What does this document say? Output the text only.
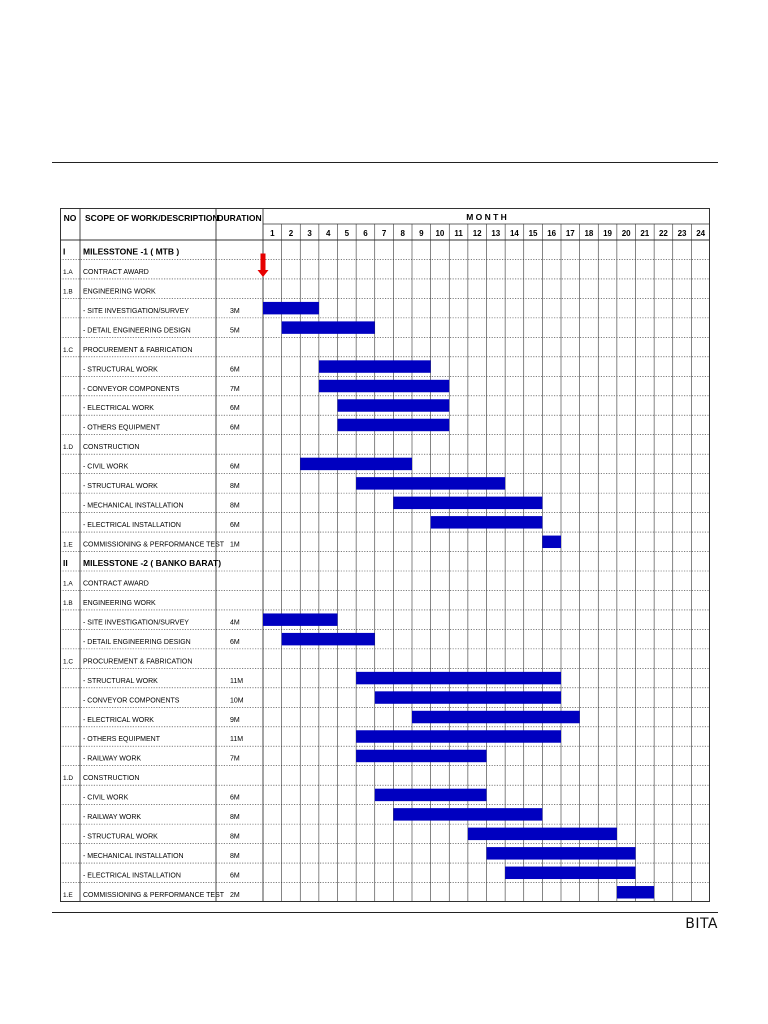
NO SCOPE OF WORK/DESCRIPTION
DURATION	M O N T H
1 2 3 4 5 6 7 8 9 10 11 12 13 14 15 16 17 18 19 20 21 22 23 24
I MILESSTONE -1 ( MTB )
1.A CONTRACT AWARD
1.B ENGINEERING WORK
- SITE INVESTIGATION/SURVEY	3M
- DETAIL ENGINEERING DESIGN	5M
1.C PROCUREMENT & FABRICATION
- STRUCTURAL WORK	6M
- CONVEYOR COMPONENTS	7M
- ELECTRICAL WORK	6M
- OTHERS EQUIPMENT	6M
1.D CONSTRUCTION
- CIVIL WORK	6M
- STRUCTURAL WORK	8M
- MECHANICAL INSTALLATION	8M
- ELECTRICAL INSTALLATION	6M
1.E COMMISSIONING & PERFORMANCE TEST 1M
II MILESSTONE -2 ( BANKO BARAT)
1.A CONTRACT AWARD
1.B ENGINEERING WORK
- SITE INVESTIGATION/SURVEY	4M
- DETAIL ENGINEERING DESIGN	6M
1.C PROCUREMENT & FABRICATION
- STRUCTURAL WORK	11M
- CONVEYOR COMPONENTS	10M
- ELECTRICAL WORK	9M
- OTHERS EQUIPMENT	11M
- RAILWAY WORK	7M
1.D CONSTRUCTION
- CIVIL WORK	6M
- RAILWAY WORK	8M
- STRUCTURAL WORK	8M
- MECHANICAL INSTALLATION	8M
- ELECTRICAL INSTALLATION	6M
1.E COMMISSIONING & PERFORMANCE TEST 2M
BITA
